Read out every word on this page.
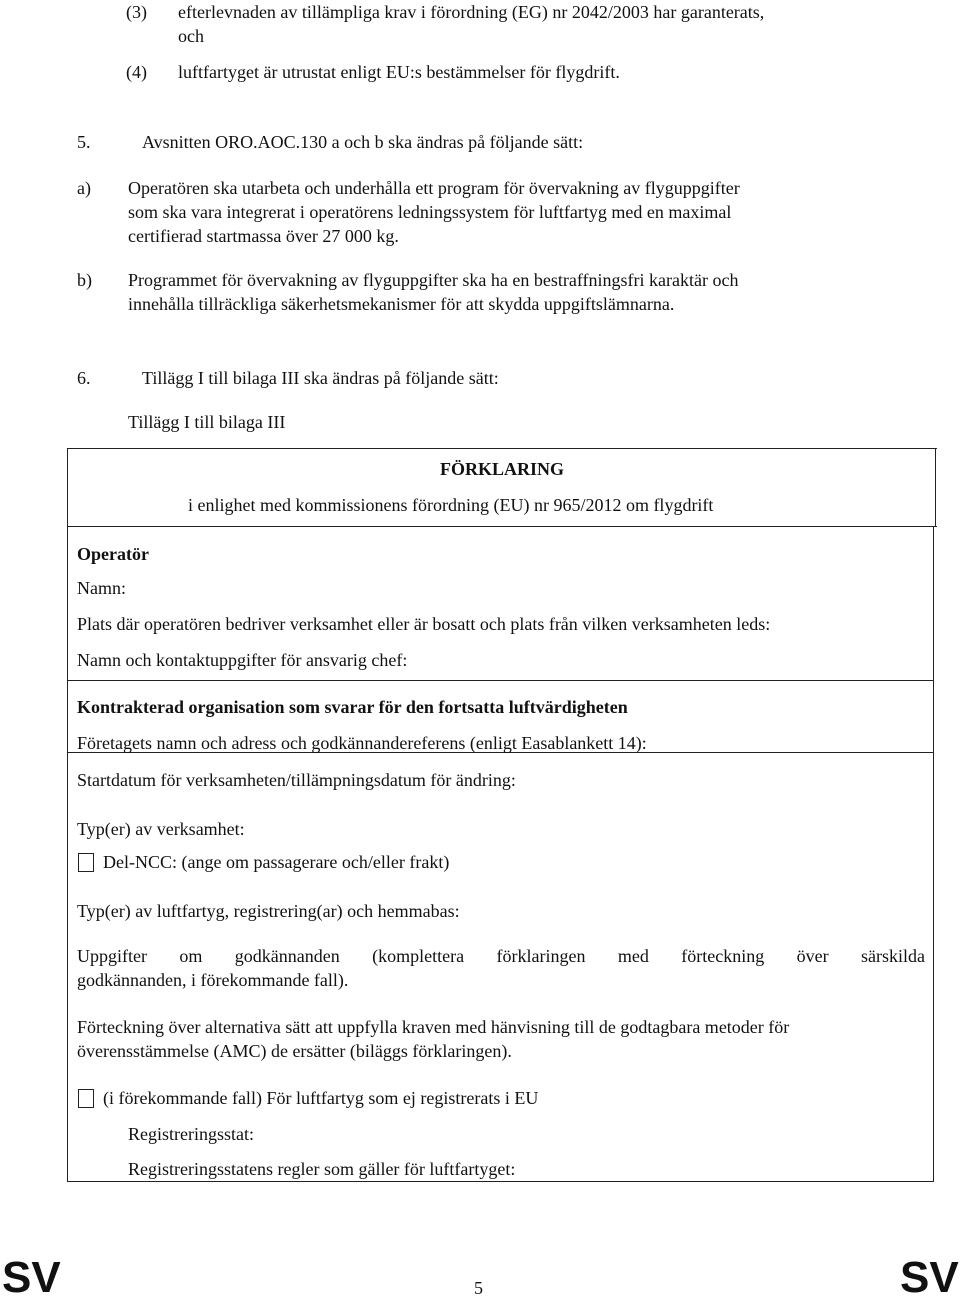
(3) efterlevnaden av tillämpliga krav i förordning (EG) nr 2042/2003 har garanterats,
och
(4) luftfartyget är utrustat enligt EU:s bestämmelser för flygdrift.
5.	Avsnitten ORO.AOC.130 a och b ska ändras på följande sätt:
a) Operatören ska utarbeta och underhålla ett program för övervakning av flyguppgifter
som ska vara integrerat i operatörens ledningssystem för luftfartyg med en maximal
certifierad startmassa över 27 000 kg.
b) Programmet för övervakning av flyguppgifter ska ha en bestraffningsfri karaktär och
innehålla tillräckliga säkerhetsmekanismer för att skydda uppgiftslämnarna.
6.	Tillägg I till bilaga III ska ändras på följande sätt:
Tillägg I till bilaga III
FÖRKLARING
i enlighet med kommissionens förordning (EU) nr 965/2012 om flygdrift
Operatör
Namn:
Plats där operatören bedriver verksamhet eller är bosatt och plats från vilken verksamheten leds:
Namn och kontaktuppgifter för ansvarig chef:
Kontrakterad organisation som svarar för den fortsatta luftvärdigheten
Företagets namn och adress och godkännandereferens (enligt Easablankett 14):
Startdatum för verksamheten/tillämpningsdatum för ändring:
Typ(er) av verksamhet:
Del-NCC: (ange om passagerare och/eller frakt)
Typ(er) av luftfartyg, registrering(ar) och hemmabas:
Uppgifter om godkännanden (komplettera förklaringen med förteckning över särskilda
godkännanden, i förekommande fall).
Förteckning över alternativa sätt att uppfylla kraven med hänvisning till de godtagbara metoder för
överensstämmelse (AMC) de ersätter (biläggs förklaringen).
(i förekommande fall) För luftfartyg som ej registrerats i EU
Registreringsstat:
Registreringsstatens regler som gäller för luftfartyget:
SV	5	SV
